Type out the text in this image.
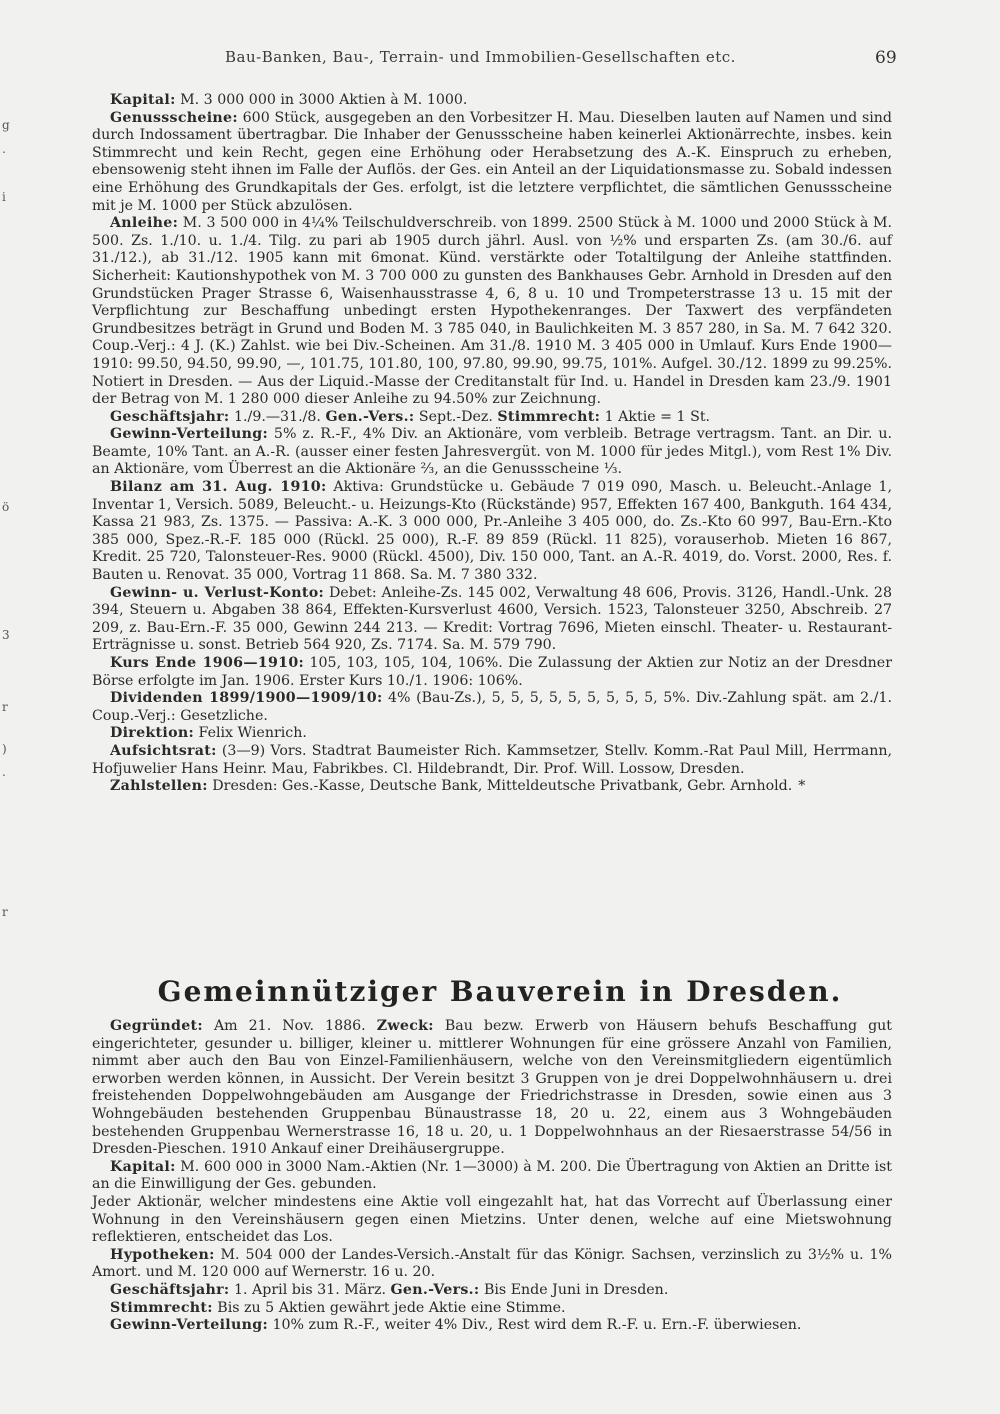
Bau-Banken, Bau-, Terrain- und Immobilien-Gesellschaften etc.	69
g
.
i
ö
3
r
)
.
r

Kapital: M. 3 000 000 in 3000 Aktien à M. 1000.

Genussscheine: 600 Stück, ausgegeben an den Vorbesitzer H. Mau. Dieselben lauten auf Namen und sind durch Indossament übertragbar. Die Inhaber der Genussscheine haben keinerlei Aktionärrechte, insbes. kein Stimmrecht und kein Recht, gegen eine Erhöhung oder Herabsetzung des A.-K. Einspruch zu erheben, ebensowenig steht ihnen im Falle der Auflös. der Ges. ein Anteil an der Liquidationsmasse zu. Sobald indessen eine Erhöhung des Grundkapitals der Ges. erfolgt, ist die letztere verpflichtet, die sämtlichen Genussscheine mit je M. 1000 per Stück abzulösen.

Anleihe: M. 3 500 000 in 4¼% Teilschuldverschreib. von 1899. 2500 Stück à M. 1000 und 2000 Stück à M. 500. Zs. 1./10. u. 1./4. Tilg. zu pari ab 1905 durch jährl. Ausl. von ½% und ersparten Zs. (am 30./6. auf 31./12.), ab 31./12. 1905 kann mit 6monat. Künd. verstärkte oder Totaltilgung der Anleihe stattfinden. Sicherheit: Kautionshypothek von M. 3 700 000 zu gunsten des Bankhauses Gebr. Arnhold in Dresden auf den Grundstücken Prager Strasse 6, Waisenhausstrasse 4, 6, 8 u. 10 und Trompeterstrasse 13 u. 15 mit der Verpflichtung zur Beschaffung unbedingt ersten Hypothekenranges. Der Taxwert des verpfändeten Grundbesitzes beträgt in Grund und Boden M. 3 785 040, in Baulichkeiten M. 3 857 280, in Sa. M. 7 642 320. Coup.-Verj.: 4 J. (K.) Zahlst. wie bei Div.-Scheinen. Am 31./8. 1910 M. 3 405 000 in Umlauf. Kurs Ende 1900—1910: 99.50, 94.50, 99.90, —, 101.75, 101.80, 100, 97.80, 99.90, 99.75, 101%. Aufgel. 30./12. 1899 zu 99.25%. Notiert in Dresden. — Aus der Liquid.-Masse der Creditanstalt für Ind. u. Handel in Dresden kam 23./9. 1901 der Betrag von M. 1 280 000 dieser Anleihe zu 94.50% zur Zeichnung.

Geschäftsjahr: 1./9.—31./8. Gen.-Vers.: Sept.-Dez. Stimmrecht: 1 Aktie = 1 St.

Gewinn-Verteilung: 5% z. R.-F., 4% Div. an Aktionäre, vom verbleib. Betrage vertragsm. Tant. an Dir. u. Beamte, 10% Tant. an A.-R. (ausser einer festen Jahresvergüt. von M. 1000 für jedes Mitgl.), vom Rest 1% Div. an Aktionäre, vom Überrest an die Aktionäre ⅔, an die Genussscheine ⅓.

Bilanz am 31. Aug. 1910: Aktiva: Grundstücke u. Gebäude 7 019 090, Masch. u. Beleucht.-Anlage 1, Inventar 1, Versich. 5089, Beleucht.- u. Heizungs-Kto (Rückstände) 957, Effekten 167 400, Bankguth. 164 434, Kassa 21 983, Zs. 1375. — Passiva: A.-K. 3 000 000, Pr.-Anleihe 3 405 000, do. Zs.-Kto 60 997, Bau-Ern.-Kto 385 000, Spez.-R.-F. 185 000 (Rückl. 25 000), R.-F. 89 859 (Rückl. 11 825), vorauserhob. Mieten 16 867, Kredit. 25 720, Talonsteuer-Res. 9000 (Rückl. 4500), Div. 150 000, Tant. an A.-R. 4019, do. Vorst. 2000, Res. f. Bauten u. Renovat. 35 000, Vortrag 11 868. Sa. M. 7 380 332.

Gewinn- u. Verlust-Konto: Debet: Anleihe-Zs. 145 002, Verwaltung 48 606, Provis. 3126, Handl.-Unk. 28 394, Steuern u. Abgaben 38 864, Effekten-Kursverlust 4600, Versich. 1523, Talonsteuer 3250, Abschreib. 27 209, z. Bau-Ern.-F. 35 000, Gewinn 244 213. — Kredit: Vortrag 7696, Mieten einschl. Theater- u. Restaurant-Erträgnisse u. sonst. Betrieb 564 920, Zs. 7174. Sa. M. 579 790.

Kurs Ende 1906—1910: 105, 103, 105, 104, 106%. Die Zulassung der Aktien zur Notiz an der Dresdner Börse erfolgte im Jan. 1906. Erster Kurs 10./1. 1906: 106%.

Dividenden 1899/1900—1909/10: 4% (Bau-Zs.), 5, 5, 5, 5, 5, 5, 5, 5, 5, 5%. Div.-Zahlung spät. am 2./1. Coup.-Verj.: Gesetzliche.

Direktion: Felix Wienrich.

Aufsichtsrat: (3—9) Vors. Stadtrat Baumeister Rich. Kammsetzer, Stellv. Komm.-Rat Paul Mill, Herrmann, Hofjuwelier Hans Heinr. Mau, Fabrikbes. Cl. Hildebrandt, Dir. Prof. Will. Lossow, Dresden.

Zahlstellen: Dresden: Ges.-Kasse, Deutsche Bank, Mitteldeutsche Privatbank, Gebr. Arnhold. *

Gemeinnütziger Bauverein in Dresden.

Gegründet: Am 21. Nov. 1886. Zweck: Bau bezw. Erwerb von Häusern behufs Beschaffung gut eingerichteter, gesunder u. billiger, kleiner u. mittlerer Wohnungen für eine grössere Anzahl von Familien, nimmt aber auch den Bau von Einzel-Familienhäusern, welche von den Vereinsmitgliedern eigentümlich erworben werden können, in Aussicht. Der Verein besitzt 3 Gruppen von je drei Doppelwohnhäusern u. drei freistehenden Doppelwohngebäuden am Ausgange der Friedrichstrasse in Dresden, sowie einen aus 3 Wohngebäuden bestehenden Gruppenbau Bünaustrasse 18, 20 u. 22, einem aus 3 Wohngebäuden bestehenden Gruppenbau Wernerstrasse 16, 18 u. 20, u. 1 Doppelwohnhaus an der Riesaerstrasse 54/56 in Dresden-Pieschen. 1910 Ankauf einer Dreihäusergruppe.

Kapital: M. 600 000 in 3000 Nam.-Aktien (Nr. 1—3000) à M. 200. Die Übertragung von Aktien an Dritte ist an die Einwilligung der Ges. gebunden.

Jeder Aktionär, welcher mindestens eine Aktie voll eingezahlt hat, hat das Vorrecht auf Überlassung einer Wohnung in den Vereinshäusern gegen einen Mietzins. Unter denen, welche auf eine Mietswohnung reflektieren, entscheidet das Los.

Hypotheken: M. 504 000 der Landes-Versich.-Anstalt für das Königr. Sachsen, verzinslich zu 3½% u. 1% Amort. und M. 120 000 auf Wernerstr. 16 u. 20.

Geschäftsjahr: 1. April bis 31. März. Gen.-Vers.: Bis Ende Juni in Dresden.

Stimmrecht: Bis zu 5 Aktien gewährt jede Aktie eine Stimme.

Gewinn-Verteilung: 10% zum R.-F., weiter 4% Div., Rest wird dem R.-F. u. Ern.-F. überwiesen.
